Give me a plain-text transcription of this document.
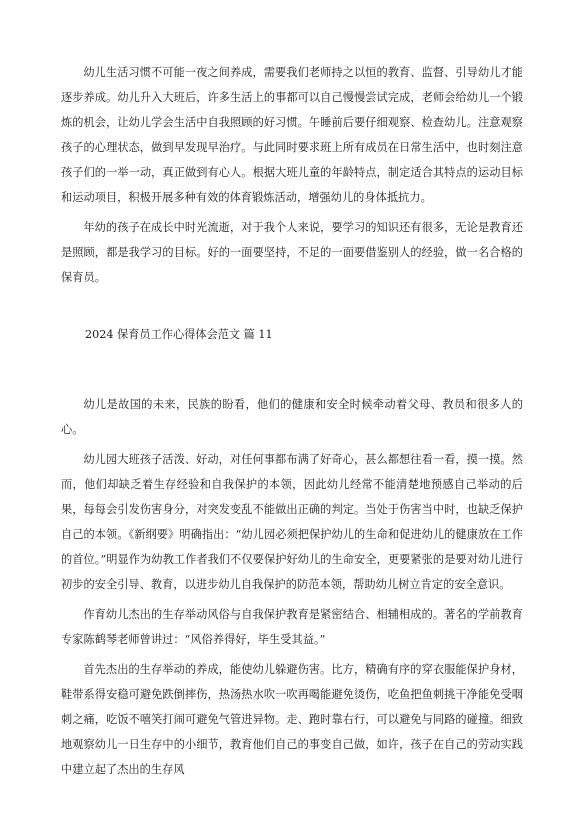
幼儿生活习惯不可能一夜之间养成，需要我们老师持之以恒的教育、监督、引导幼儿才能逐步养成。幼儿升入大班后，许多生活上的事都可以自己慢慢尝试完成，老师会给幼儿一个锻炼的机会，让幼儿学会生活中自我照顾的好习惯。午睡前后要仔细观察、检查幼儿。注意观察孩子的心理状态，做到早发现早治疗。与此同时要求班上所有成员在日常生活中，也时刻注意孩子们的一举一动，真正做到有心人。根据大班儿童的年龄特点，制定适合其特点的运动目标和运动项目，积极开展多种有效的体育锻炼活动，增强幼儿的身体抵抗力。

年幼的孩子在成长中时光流逝，对于我个人来说，要学习的知识还有很多，无论是教育还是照顾，都是我学习的目标。好的一面要坚持，不足的一面要借鉴别人的经验，做一名合格的保育员。

2024 保育员工作心得体会范文 篇 11

幼儿是故国的未来，民族的盼看，他们的健康和安全时候牵动着父母、教员和很多人的心。

幼儿园大班孩子活泼、好动，对任何事都布满了好奇心，甚么都想往看一看，摸一摸。然而，他们却缺乏着生存经验和自我保护的本领，因此幼儿经常不能清楚地预感自己举动的后果，每每会引发伤害身分，对突发变乱不能做出正确的判定。当处于伤害当中时，也缺乏保护自己的本领。《新纲要》明确指出：“幼儿园必须把保护幼儿的生命和促进幼儿的健康放在工作的首位。”明显作为幼教工作者我们不仅要保护好幼儿的生命安全，更要紧张的是要对幼儿进行初步的安全引导、教育，以进步幼儿自我保护的防范本领，帮助幼儿树立肯定的安全意识。

作育幼儿杰出的生存举动风俗与自我保护教育是紧密结合、相辅相成的。著名的学前教育专家陈鹤琴老师曾讲过：“风俗养得好，毕生受其益。”

首先杰出的生存举动的养成，能使幼儿躲避伤害。比方，精确有序的穿衣服能保护身材，鞋带系得安稳可避免跌倒摔伤，热汤热水吹一吹再喝能避免烫伤，吃鱼把鱼刺挑干净能免受咽刺之痛，吃饭不嘻笑打闹可避免气管进异物。走、跑时靠右行，可以避免与同路的碰撞。细致地观察幼儿一日生存中的小细节，教育他们自己的事变自己做，如许，孩子在自己的劳动实践中建立起了杰出的生存风
